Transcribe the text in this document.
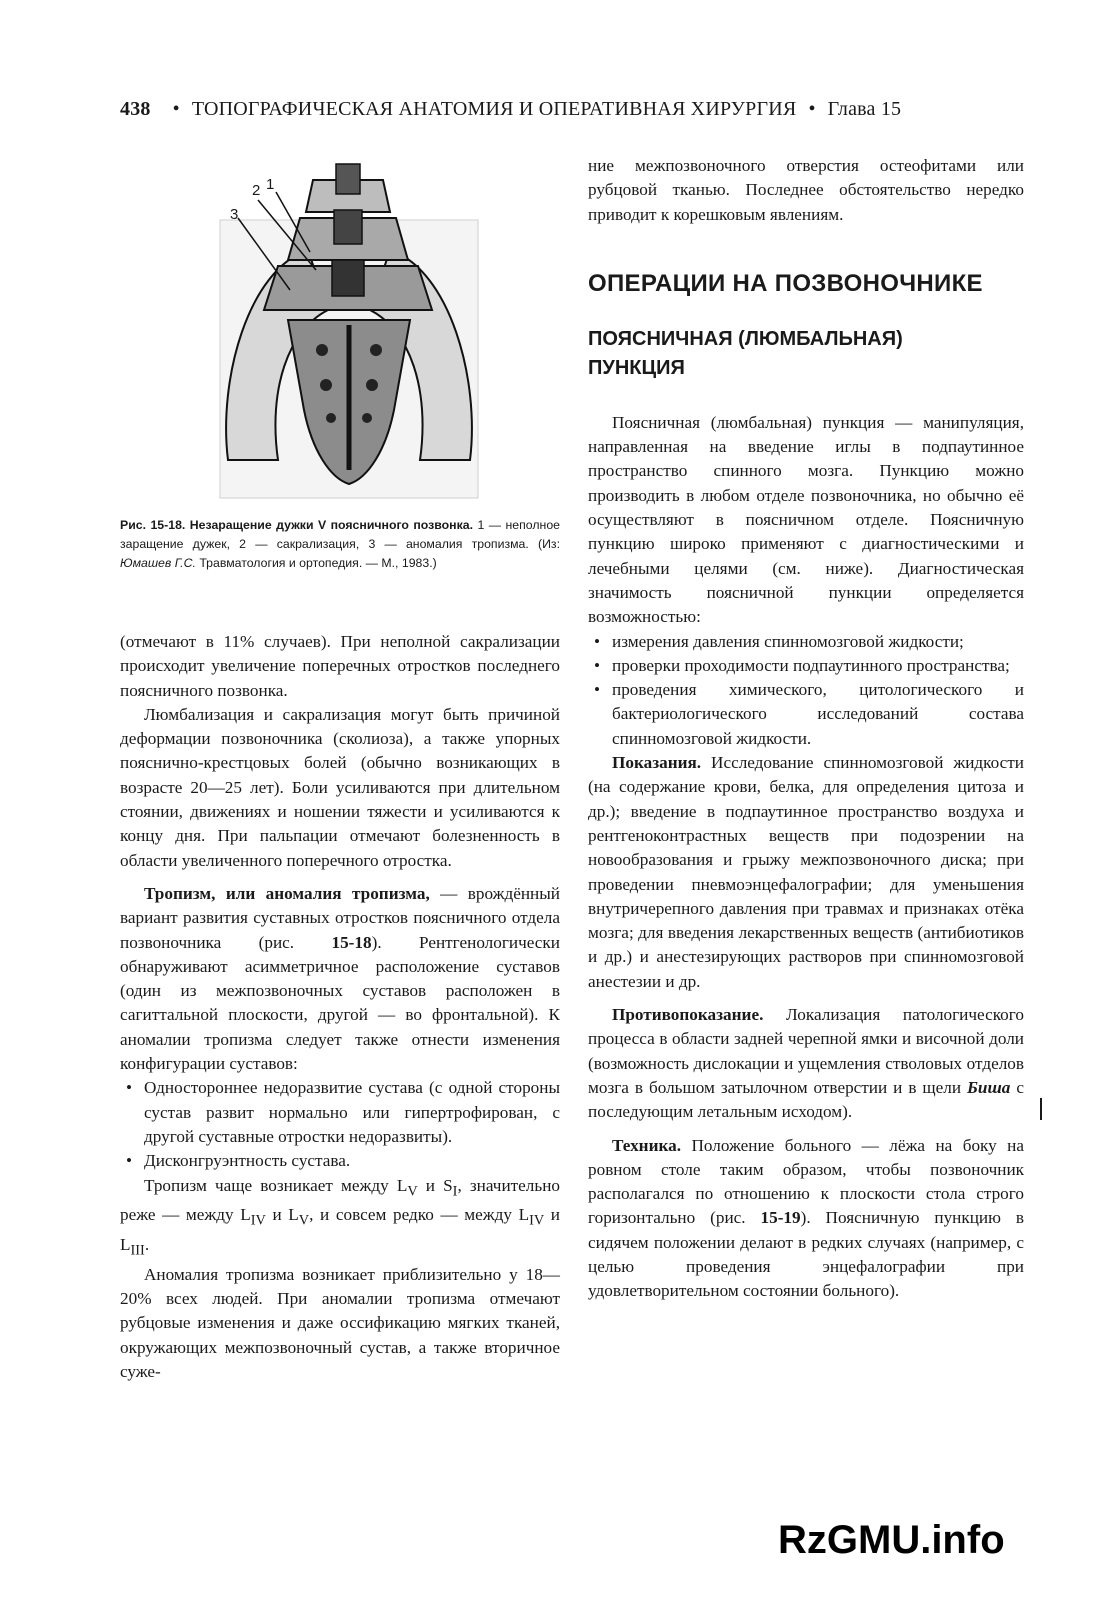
438 • ТОПОГРАФИЧЕСКАЯ АНАТОМИЯ И ОПЕРАТИВНАЯ ХИРУРГИЯ • Глава 15
2 1
3
Рис. 15-18. Незаращение дужки V поясничного позвонка. 1 — неполное заращение дужек, 2 — сакрализация, 3 — аномалия тропизма. (Из: Юмашев Г.С. Травматология и ортопедия. — М., 1983.)

(отмечают в 11% случаев). При неполной сакрализации происходит увеличение поперечных отростков последнего поясничного позвонка.

Люмбализация и сакрализация могут быть причиной деформации позвоночника (сколиоза), а также упорных пояснично-крестцовых болей (обычно возникающих в возрасте 20—25 лет). Боли усиливаются при длительном стоянии, движениях и ношении тяжести и усиливаются к концу дня. При пальпации отмечают болезненность в области увеличенного поперечного отростка.

Тропизм, или аномалия тропизма, — врождённый вариант развития суставных отростков поясничного отдела позвоночника (рис. 15-18). Рентгенологически обнаруживают асимметричное расположение суставов (один из межпозвоночных суставов расположен в сагиттальной плоскости, другой — во фронтальной). К аномалии тропизма следует также отнести изменения конфигурации суставов:

• Одностороннее недоразвитие сустава (с одной стороны сустав развит нормально или гипертрофирован, с другой суставные отростки недоразвиты).
• Дисконгруэнтность сустава.

Тропизм чаще возникает между $L_V$ и $S_I$, значительно реже — между $L_{IV}$ и $L_V$, и совсем редко — между $L_{IV}$ и $L_{III}$.

Аномалия тропизма возникает приблизительно у 18—20% всех людей. При аномалии тропизма отмечают рубцовые изменения и даже оссификацию мягких тканей, окружающих межпозвоночный сустав, а также вторичное суже-

ние межпозвоночного отверстия остеофитами или рубцовой тканью. Последнее обстоятельство нередко приводит к корешковым явлениям.

ОПЕРАЦИИ НА ПОЗВОНОЧНИКЕ
ПОЯСНИЧНАЯ (ЛЮМБАЛЬНАЯ) ПУНКЦИЯ

Поясничная (люмбальная) пункция — манипуляция, направленная на введение иглы в подпаутинное пространство спинного мозга. Пункцию можно производить в любом отделе позвоночника, но обычно её осуществляют в поясничном отделе. Поясничную пункцию широко применяют с диагностическими и лечебными целями (см. ниже). Диагностическая значимость поясничной пункции определяется возможностью:

• измерения давления спинномозговой жидкости;
• проверки проходимости подпаутинного пространства;
• проведения химического, цитологического и бактериологического исследований состава спинномозговой жидкости.

Показания. Исследование спинномозговой жидкости (на содержание крови, белка, для определения цитоза и др.); введение в подпаутинное пространство воздуха и рентгеноконтрастных веществ при подозрении на новообразования и грыжу межпозвоночного диска; при проведении пневмоэнцефалографии; для уменьшения внутричерепного давления при травмах и признаках отёка мозга; для введения лекарственных веществ (антибиотиков и др.) и анестезирующих растворов при спинномозговой анестезии и др.

Противопоказание. Локализация патологического процесса в области задней черепной ямки и височной доли (возможность дислокации и ущемления стволовых отделов мозга в большом затылочном отверстии и в щели Биша с последующим летальным исходом).

Техника. Положение больного — лёжа на боку на ровном столе таким образом, чтобы позвоночник располагался по отношению к плоскости стола строго горизонтально (рис. 15-19). Поясничную пункцию в сидячем положении делают в редких случаях (например, с целью проведения энцефалографии при удовлетворительном состоянии больного).

RzGMU.info
